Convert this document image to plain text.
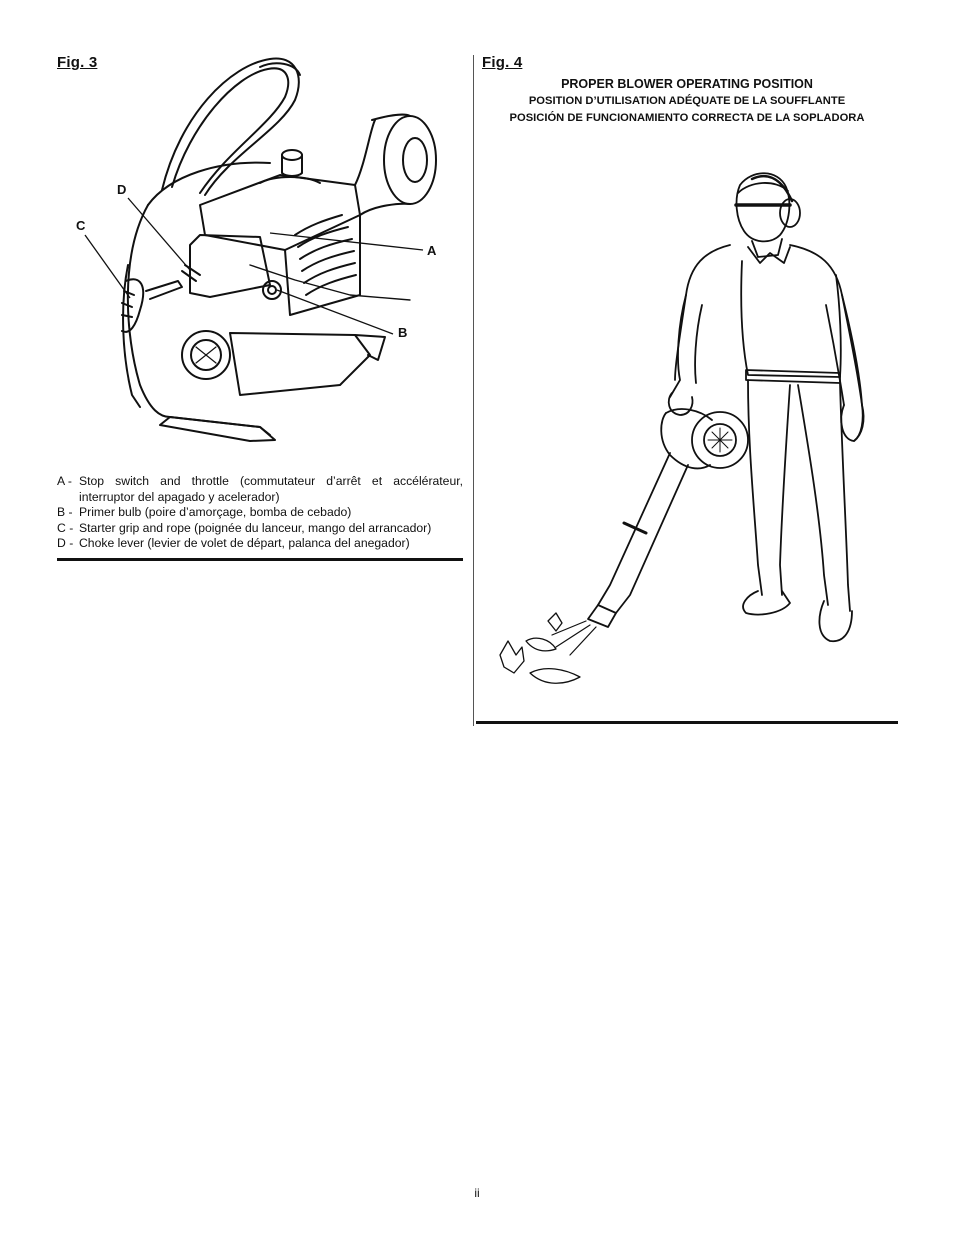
Fig. 3
D
C
A
B
A - Stop switch and throttle (commutateur d’arrêt et accélérateur, interruptor del apagado y acelerador)
B - Primer bulb (poire d’amorçage, bomba de cebado)
C - Starter grip and rope (poignée du lanceur, mango del arrancador)
D - Choke lever (levier de volet de départ, palanca del anegador)
Fig. 4
PROPER BLOWER OPERATING POSITION
POSITION D’UTILISATION ADÉQUATE DE LA SOUFFLANTE
POSICIÓN DE FUNCIONAMIENTO CORRECTA DE LA SOPLADORA
ii
